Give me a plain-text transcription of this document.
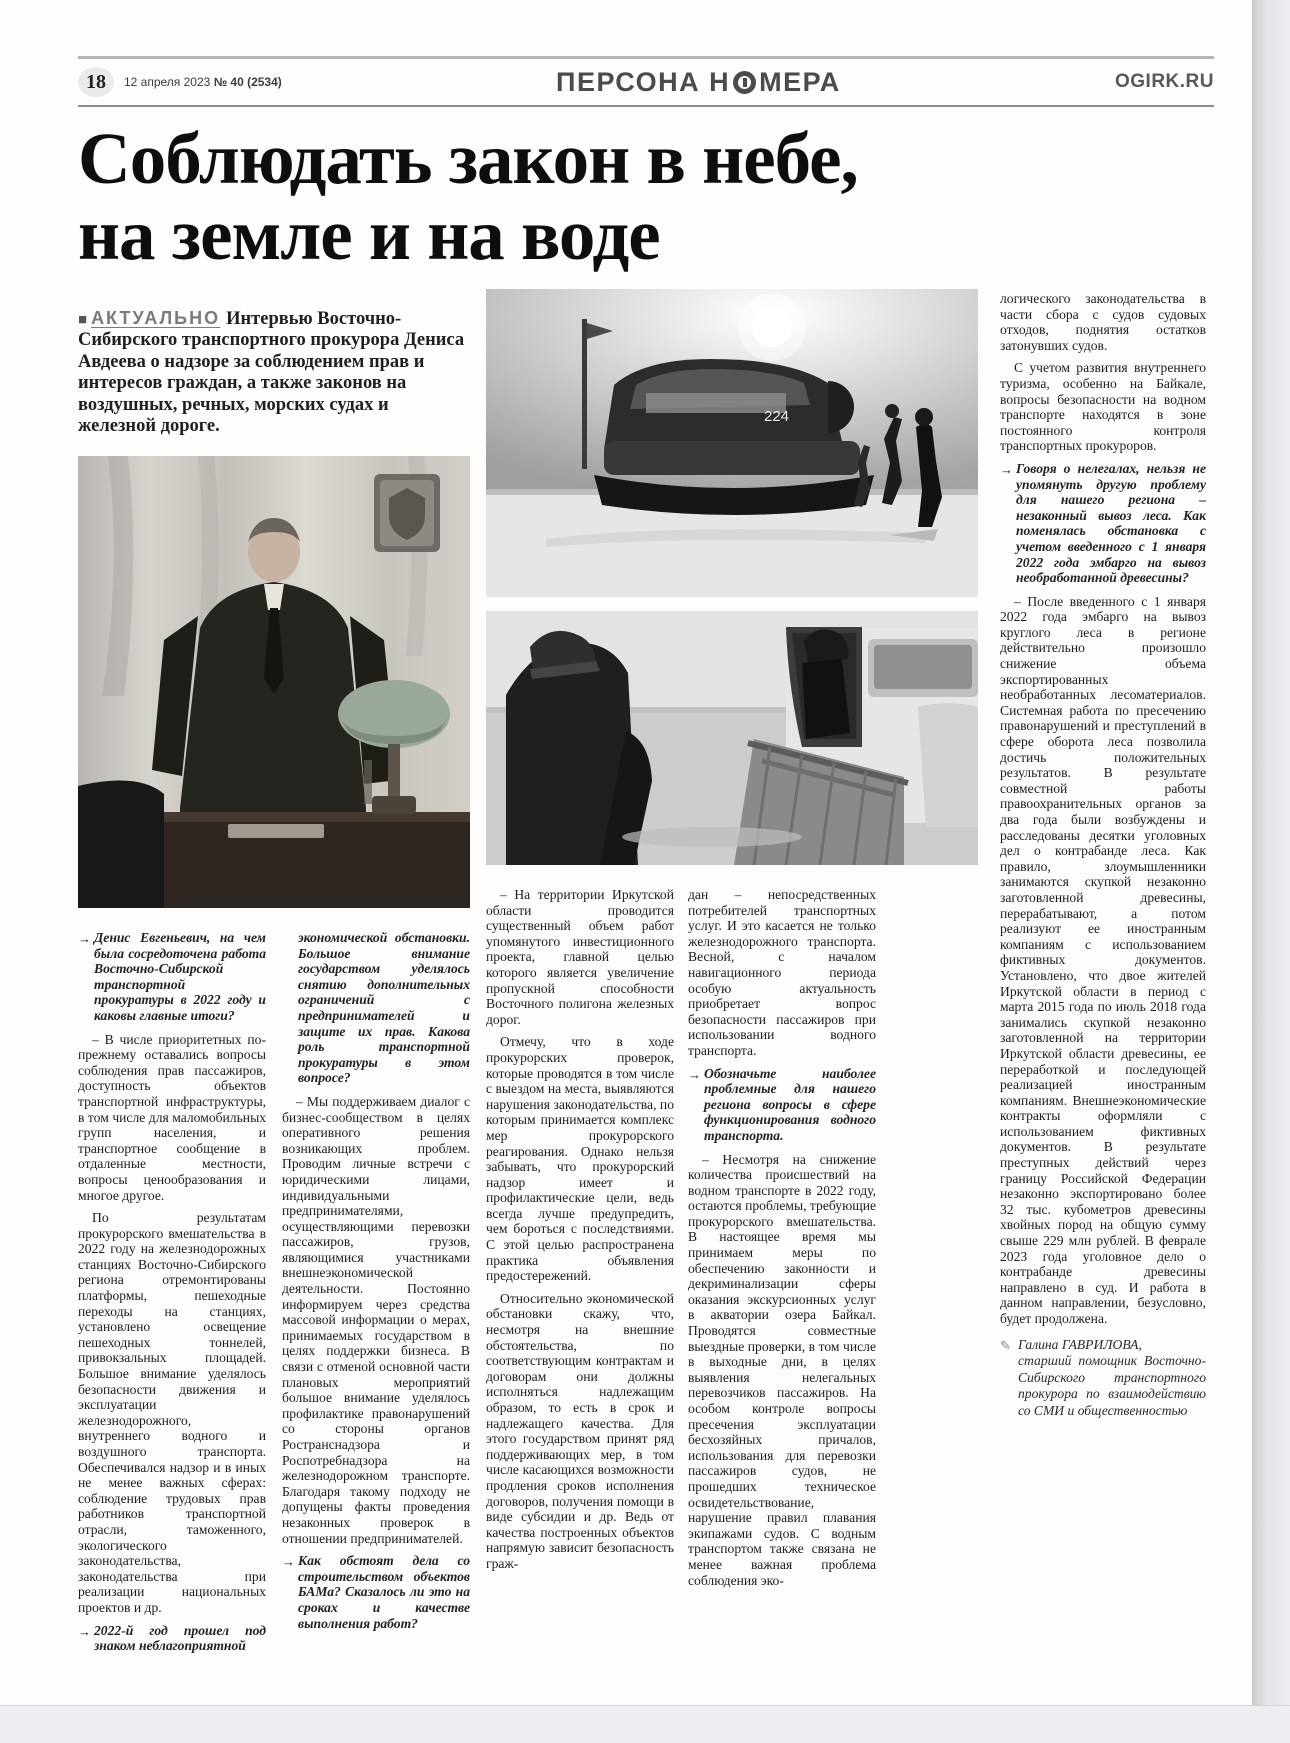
18	12 апреля 2023 № 40 (2534)	ПЕРСОНА Н МЕРА	OGIRK.RU
Соблюдать закон в небе,
на земле и на воде

■ АКТУАЛЬНО Интервью Восточно-Сибирского транспортного прокурора Дениса Авдеева о надзоре за соблюдением прав и интересов граждан, а также законов на воздушных, речных, морских судах и железной дороге.

→ Денис Евгеньевич, на чем была сосредоточена работа Восточно-Сибирской транспортной прокуратуры в 2022 году и каковы главные итоги?

– В числе приоритетных по-прежнему оставались вопросы соблюдения прав пассажиров, доступность объектов транспортной инфраструктуры, в том числе для маломобильных групп населения, и транспортное сообщение в отдаленные местности, вопросы ценообразования и многое другое.

По результатам прокурорского вмешательства в 2022 году на железнодорожных станциях Восточно-Сибирского региона отремонтированы платформы, пешеходные переходы на станциях, установлено освещение пешеходных тоннелей, привокзальных площадей. Большое внимание уделялось безопасности движения и эксплуатации железнодорожного, внутреннего водного и воздушного транспорта. Обеспечивался надзор и в иных не менее важных сферах: соблюдение трудовых прав работников транспортной отрасли, таможенного, экологического законодательства, законодательства при реализации национальных проектов и др.

→ 2022-й год прошел под знаком неблагоприятной

экономической обстановки. Большое внимание государством уделялось снятию дополнительных ограничений с предпринимателей и защите их прав. Какова роль транспортной прокуратуры в этом вопросе?

– Мы поддерживаем диалог с бизнес-сообществом в целях оперативного решения возникающих проблем. Проводим личные встречи с юридическими лицами, индивидуальными предпринимателями, осуществляющими перевозки пассажиров, грузов, являющимися участниками внешнеэкономической деятельности. Постоянно информируем через средства массовой информации о мерах, принимаемых государством в целях поддержки бизнеса. В связи с отменой основной части плановых мероприятий большое внимание уделялось профилактике правонарушений со стороны органов Ространснадзора и Роспотребнадзора на железнодорожном транспорте. Благодаря такому подходу не допущены факты проведения незаконных проверок в отношении предпринимателей.

→ Как обстоят дела со строительством объектов БАМа? Сказалось ли это на сроках и качестве выполнения работ?

224

– На территории Иркутской области проводится существенный объем работ упомянутого инвестиционного проекта, главной целью которого является увеличение пропускной способности Восточного полигона железных дорог.

Отмечу, что в ходе прокурорских проверок, которые проводятся в том числе с выездом на места, выявляются нарушения законодательства, по которым принимается комплекс мер прокурорского реагирования. Однако нельзя забывать, что прокурорский надзор имеет и профилактические цели, ведь всегда лучше предупредить, чем бороться с последствиями. С этой целью распространена практика объявления предостережений.

Относительно экономической обстановки скажу, что, несмотря на внешние обстоятельства, по соответствующим контрактам и договорам они должны исполняться надлежащим образом, то есть в срок и надлежащего качества. Для этого государством принят ряд поддерживающих мер, в том числе касающихся возможности продления сроков исполнения договоров, получения помощи в виде субсидии и др. Ведь от качества построенных объектов напрямую зависит безопасность граж-

дан – непосредственных потребителей транспортных услуг. И это касается не только железнодорожного транспорта. Весной, с началом навигационного периода особую актуальность приобретает вопрос безопасности пассажиров при использовании водного транспорта.

→ Обозначьте наиболее проблемные для нашего региона вопросы в сфере функционирования водного транспорта.

– Несмотря на снижение количества происшествий на водном транспорте в 2022 году, остаются проблемы, требующие прокурорского вмешательства. В настоящее время мы принимаем меры по обеспечению законности и декриминализации сферы оказания экскурсионных услуг в акватории озера Байкал. Проводятся совместные выездные проверки, в том числе в выходные дни, в целях выявления нелегальных перевозчиков пассажиров. На особом контроле вопросы пресечения эксплуатации бесхозяйных причалов, использования для перевозки пассажиров судов, не прошедших техническое освидетельствование, нарушение правил плавания экипажами судов. С водным транспортом также связана не менее важная проблема соблюдения эко-

логического законодательства в части сбора с судов судовых отходов, поднятия остатков затонувших судов.

С учетом развития внутреннего туризма, особенно на Байкале, вопросы безопасности на водном транспорте находятся в зоне постоянного контроля транспортных прокуроров.

→ Говоря о нелегалах, нельзя не упомянуть другую проблему для нашего региона – незаконный вывоз леса. Как поменялась обстановка с учетом введенного с 1 января 2022 года эмбарго на вывоз необработанной древесины?

– После введенного с 1 января 2022 года эмбарго на вывоз круглого леса в регионе действительно произошло снижение объема экспортированных необработанных лесоматериалов. Системная работа по пресечению правонарушений и преступлений в сфере оборота леса позволила достичь положительных результатов. В результате совместной работы правоохранительных органов за два года были возбуждены и расследованы десятки уголовных дел о контрабанде леса. Как правило, злоумышленники занимаются скупкой незаконно заготовленной древесины, перерабатывают, а потом реализуют ее иностранным компаниям с использованием фиктивных документов. Установлено, что двое жителей Иркутской области в период с марта 2015 года по июль 2018 года занимались скупкой незаконно заготовленной на территории Иркутской области древесины, ее переработкой и последующей реализацией иностранным компаниям. Внешнеэкономические контракты оформляли с использованием фиктивных документов. В результате преступных действий через границу Российской Федерации незаконно экспортировано более 32 тыс. кубометров древесины хвойных пород на общую сумму свыше 229 млн рублей. В феврале 2023 года уголовное дело о контрабанде древесины направлено в суд. И работа в данном направлении, безусловно, будет продолжена.

✎ Галина ГАВРИЛОВА,
старший помощник Восточно-Сибирского транспортного прокурора по взаимодействию со СМИ и общественностью
